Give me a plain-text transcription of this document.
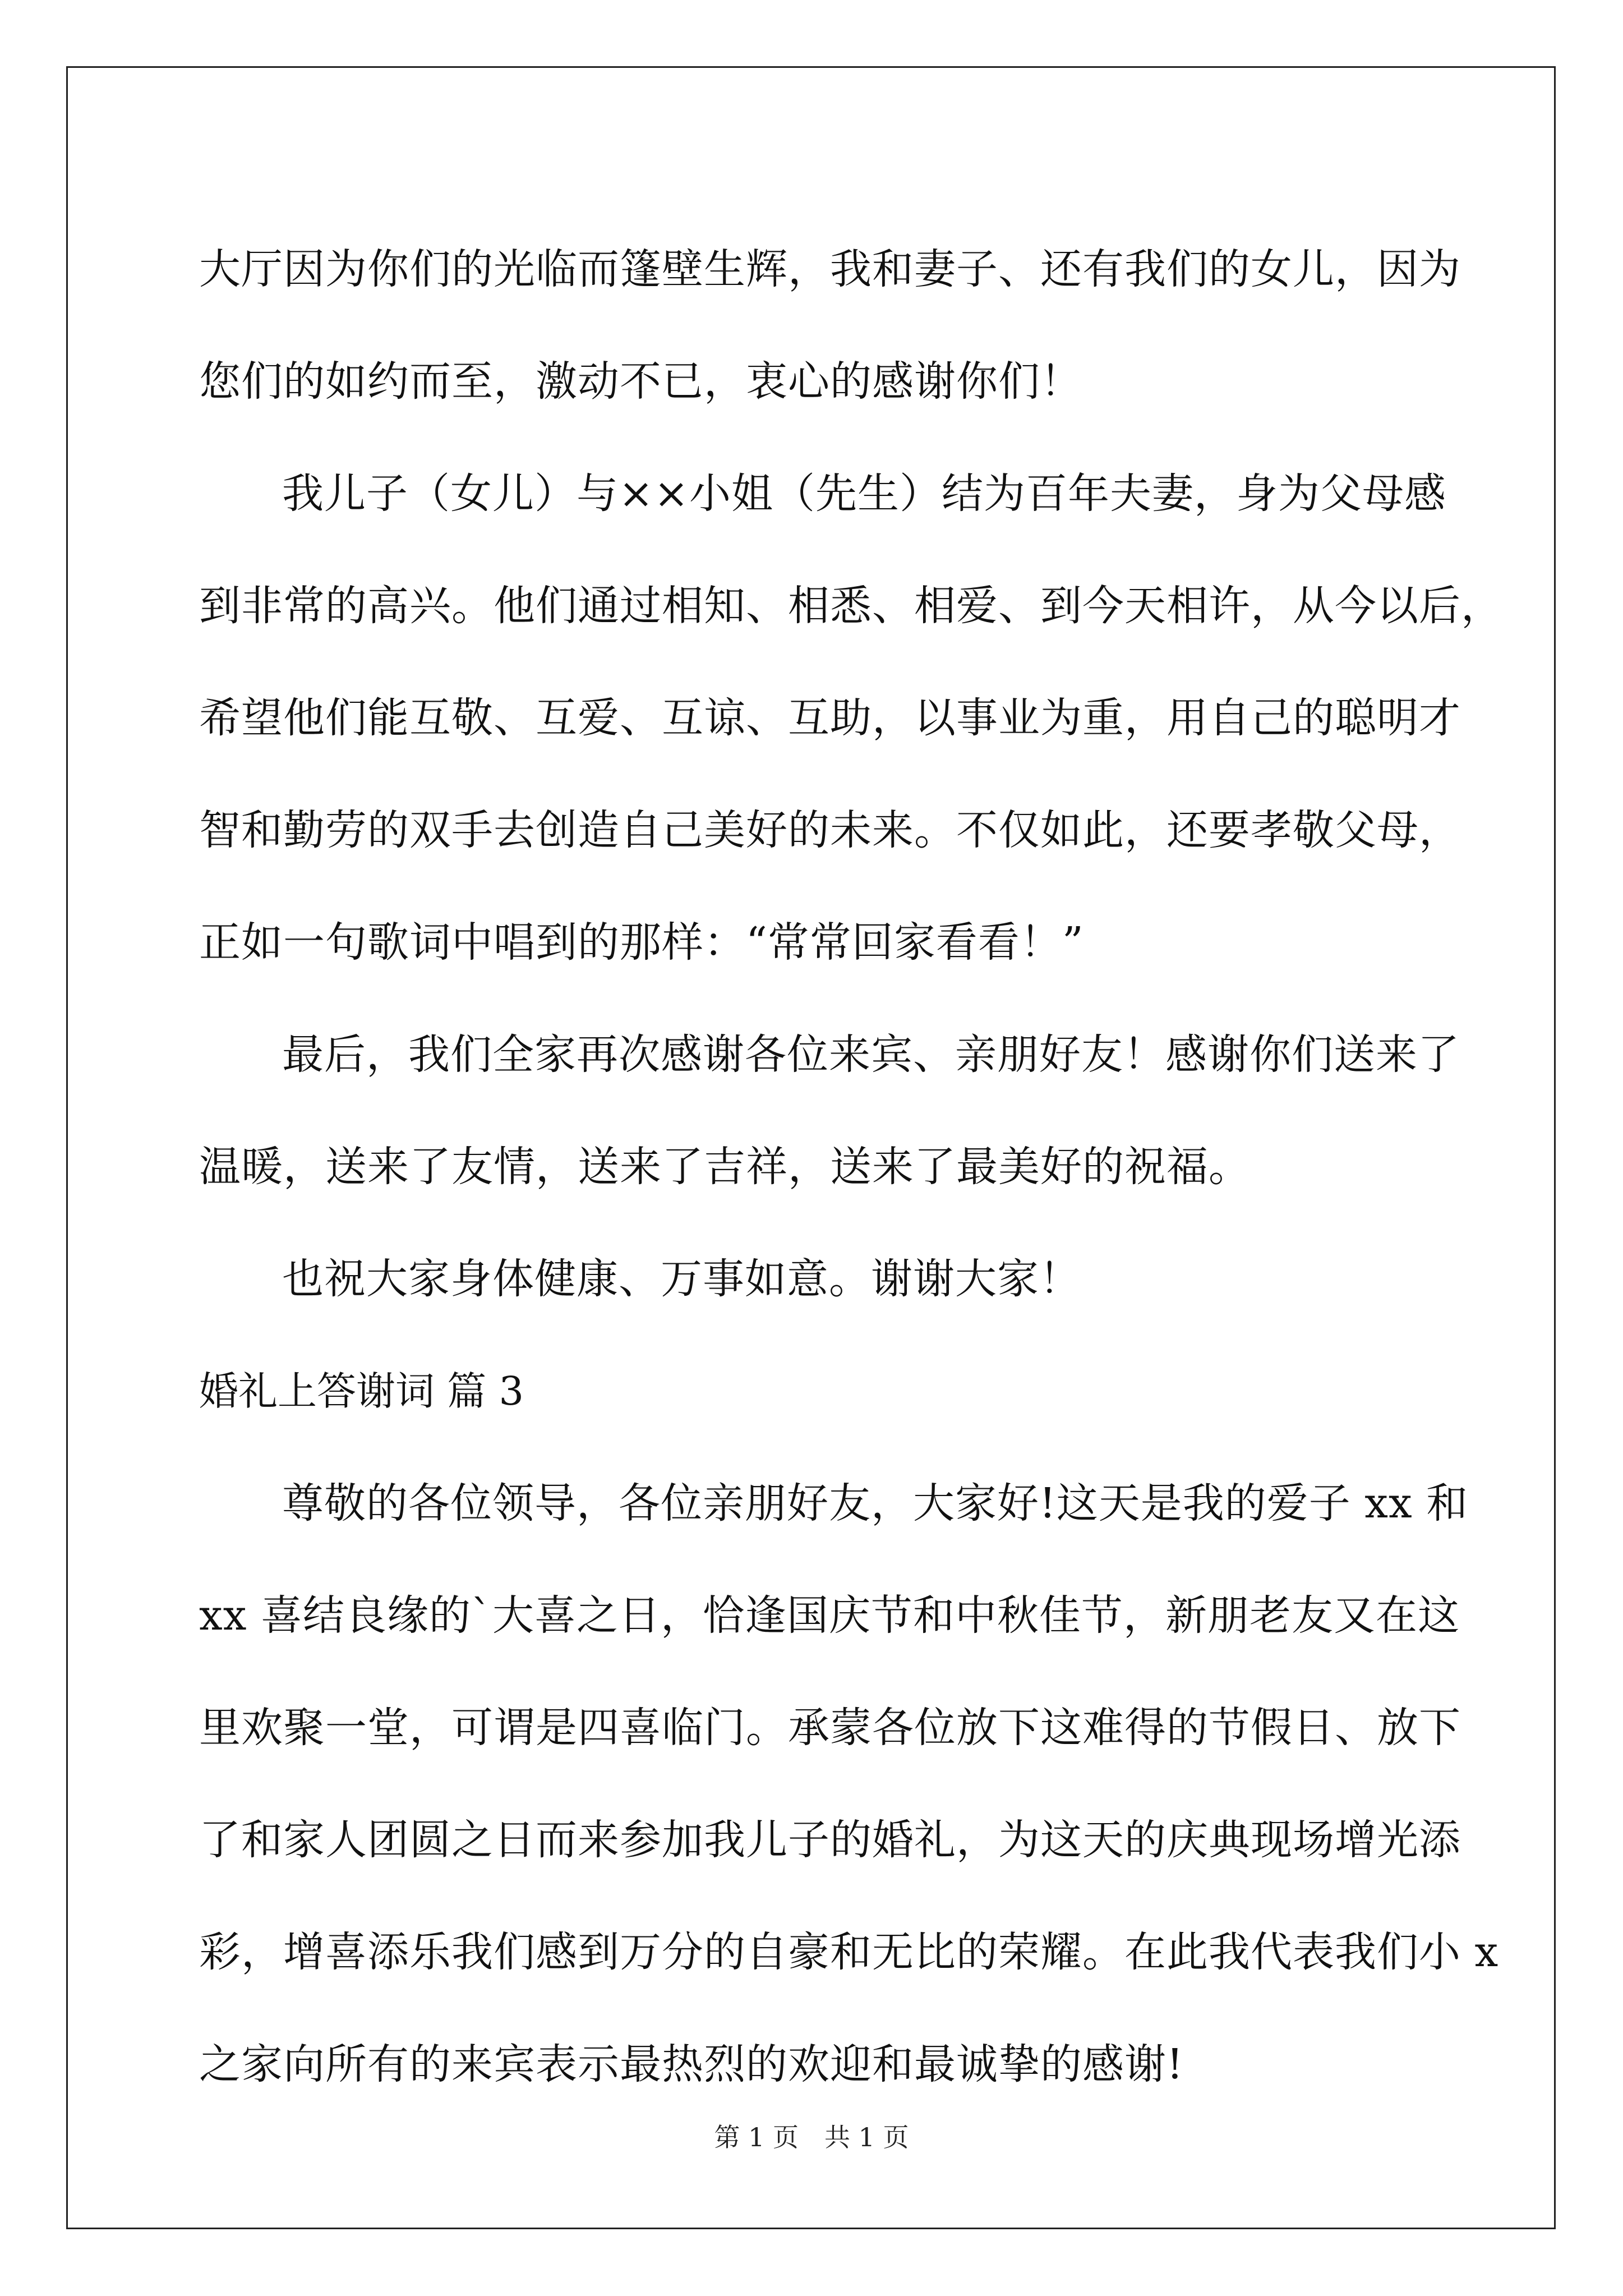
大厅因为你们的光临而篷壁生辉，我和妻子、还有我们的女儿，因为

您们的如约而至，激动不已，衷心的感谢你们！

我儿子（女儿）与××小姐（先生）结为百年夫妻，身为父母感

到非常的高兴。他们通过相知、相悉、相爱、到今天相许，从今以后，

希望他们能互敬、互爱、互谅、互助，以事业为重，用自己的聪明才

智和勤劳的双手去创造自己美好的未来。不仅如此，还要孝敬父母，

正如一句歌词中唱到的那样：“常常回家看看！”

最后，我们全家再次感谢各位来宾、亲朋好友！感谢你们送来了

温暖，送来了友情，送来了吉祥，送来了最美好的祝福。

也祝大家身体健康、万事如意。谢谢大家！

婚礼上答谢词 篇 3

尊敬的各位领导，各位亲朋好友，大家好!这天是我的爱子 xx 和

xx 喜结良缘的`大喜之日，恰逢国庆节和中秋佳节，新朋老友又在这

里欢聚一堂，可谓是四喜临门。承蒙各位放下这难得的节假日、放下

了和家人团圆之日而来参加我儿子的婚礼，为这天的庆典现场增光添

彩，增喜添乐我们感到万分的自豪和无比的荣耀。在此我代表我们小 x

之家向所有的来宾表示最热烈的欢迎和最诚挚的感谢!

第 1 页　共 1 页
